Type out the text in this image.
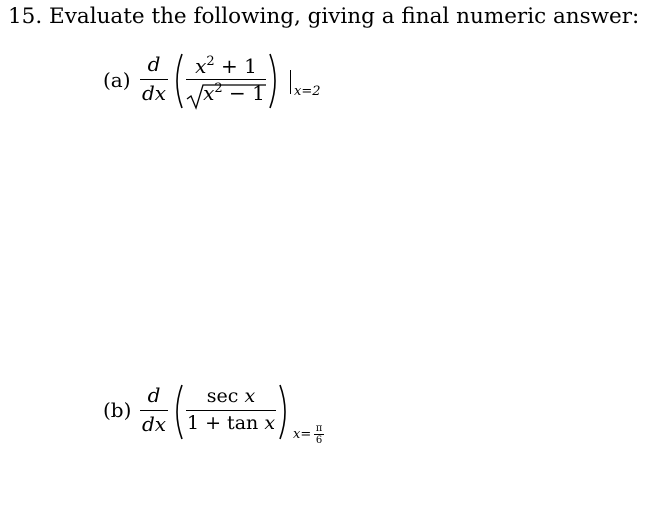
15. Evaluate the following, giving a final numeric answer:
(a)
d
dx
$x^2 + 1$
$x^2 - 1$ x=2
(b)
d
dx
sec x
1 + tan x
x= π
6
